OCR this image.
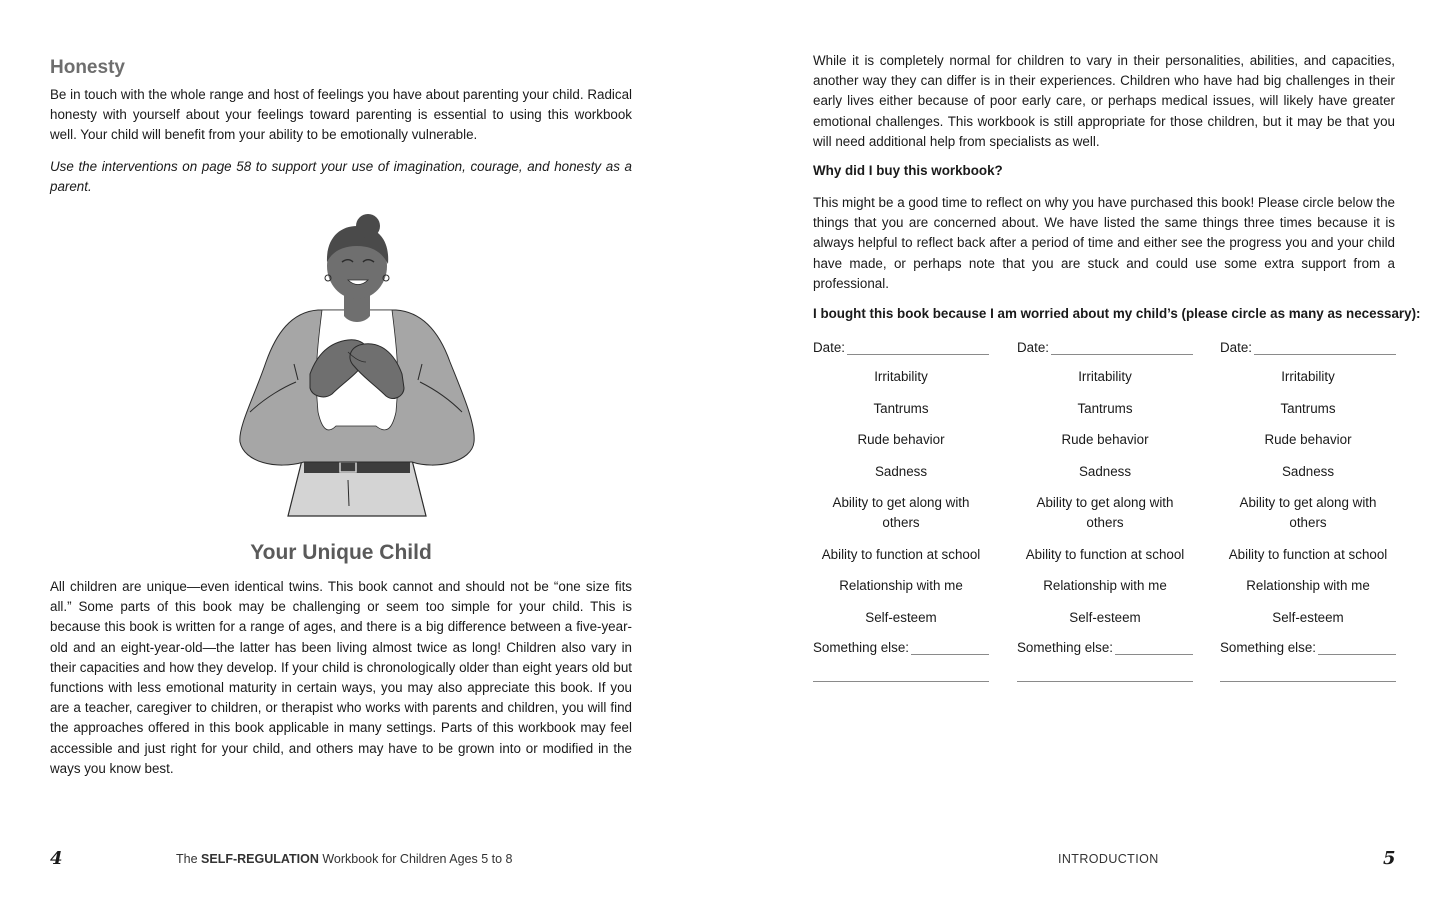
Honesty

Be in touch with the whole range and host of feelings you have about parenting your child. Radical honesty with yourself about your feelings toward parenting is essential to using this workbook well. Your child will benefit from your ability to be emotionally vulnerable.

Use the interventions on page 58 to support your use of imagination, courage, and honesty as a parent.

Your Unique Child

All children are unique—even identical twins. This book cannot and should not be “one size fits all.” Some parts of this book may be challenging or seem too simple for your child. This is because this book is written for a range of ages, and there is a big difference between a five-year-old and an eight-year-old—the latter has been living almost twice as long! Children also vary in their capacities and how they develop. If your child is chronologically older than eight years old but functions with less emotional maturity in certain ways, you may also appreciate this book. If you are a teacher, caregiver to children, or therapist who works with parents and children, you will find the approaches offered in this book applicable in many settings. Parts of this workbook may feel accessible and just right for your child, and others may have to be grown into or modified in the ways you know best.

4	The SELF-REGULATION Workbook for Children Ages 5 to 8

While it is completely normal for children to vary in their personalities, abilities, and capacities, another way they can differ is in their experiences. Children who have had big challenges in their early lives either because of poor early care, or perhaps medical issues, will likely have greater emotional challenges. This workbook is still appropriate for those children, but it may be that you will need additional help from specialists as well.

Why did I buy this workbook?

This might be a good time to reflect on why you have purchased this book! Please circle below the things that you are concerned about. We have listed the same things three times because it is always helpful to reflect back after a period of time and either see the progress you and your child have made, or perhaps note that you are stuck and could use some extra support from a professional.

I bought this book because I am worried about my child’s (please circle as many as necessary):

Date:
Irritability
Tantrums
Rude behavior
Sadness
Ability to get along with others
Ability to function at school
Relationship with me
Self-esteem
Something else:
Date:
Irritability
Tantrums
Rude behavior
Sadness
Ability to get along with others
Ability to function at school
Relationship with me
Self-esteem
Something else:
Date:
Irritability
Tantrums
Rude behavior
Sadness
Ability to get along with others
Ability to function at school
Relationship with me
Self-esteem
Something else:
INTRODUCTION	5
